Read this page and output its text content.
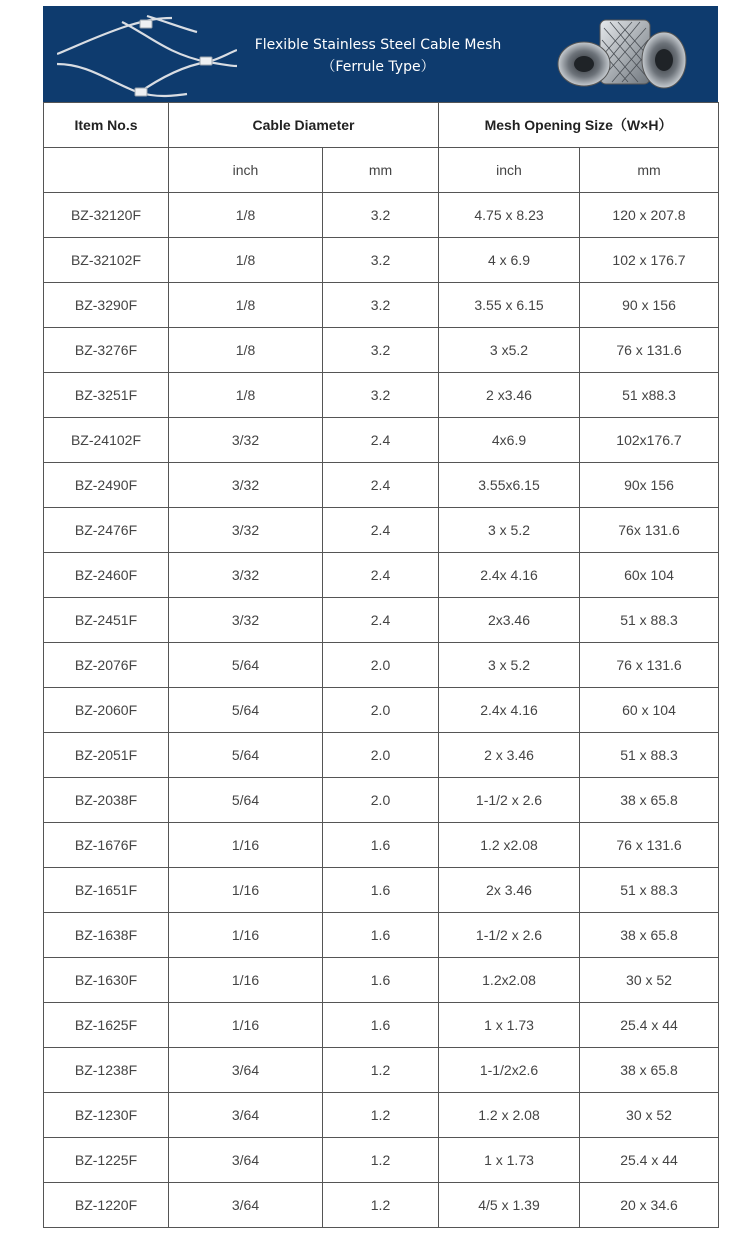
Flexible Stainless Steel Cable Mesh
（Ferrule Type）
Item No.s	Cable Diameter		Mesh Opening Size（W×H）	
	inch	mm	inch	mm
BZ-32120F	1/8	3.2	4.75 x 8.23	120 x 207.8
BZ-32102F	1/8	3.2	4 x 6.9	102 x 176.7
BZ-3290F	1/8	3.2	3.55 x 6.15	90 x 156
BZ-3276F	1/8	3.2	3 x5.2	76 x 131.6
BZ-3251F	1/8	3.2	2 x3.46	51 x88.3
BZ-24102F	3/32	2.4	4x6.9	102x176.7
BZ-2490F	3/32	2.4	3.55x6.15	90x 156
BZ-2476F	3/32	2.4	3 x 5.2	76x 131.6
BZ-2460F	3/32	2.4	2.4x 4.16	60x 104
BZ-2451F	3/32	2.4	2x3.46	51 x 88.3
BZ-2076F	5/64	2.0	3 x 5.2	76 x 131.6
BZ-2060F	5/64	2.0	2.4x 4.16	60 x 104
BZ-2051F	5/64	2.0	2 x 3.46	51 x 88.3
BZ-2038F	5/64	2.0	1-1/2 x 2.6	38 x 65.8
BZ-1676F	1/16	1.6	1.2 x2.08	76 x 131.6
BZ-1651F	1/16	1.6	2x 3.46	51 x 88.3
BZ-1638F	1/16	1.6	1-1/2 x 2.6	38 x 65.8
BZ-1630F	1/16	1.6	1.2x2.08	30 x 52
BZ-1625F	1/16	1.6	1 x 1.73	25.4 x 44
BZ-1238F	3/64	1.2	1-1/2x2.6	38 x 65.8
BZ-1230F	3/64	1.2	1.2 x 2.08	30 x 52
BZ-1225F	3/64	1.2	1 x 1.73	25.4 x 44
BZ-1220F	3/64	1.2	4/5 x 1.39	20 x 34.6
